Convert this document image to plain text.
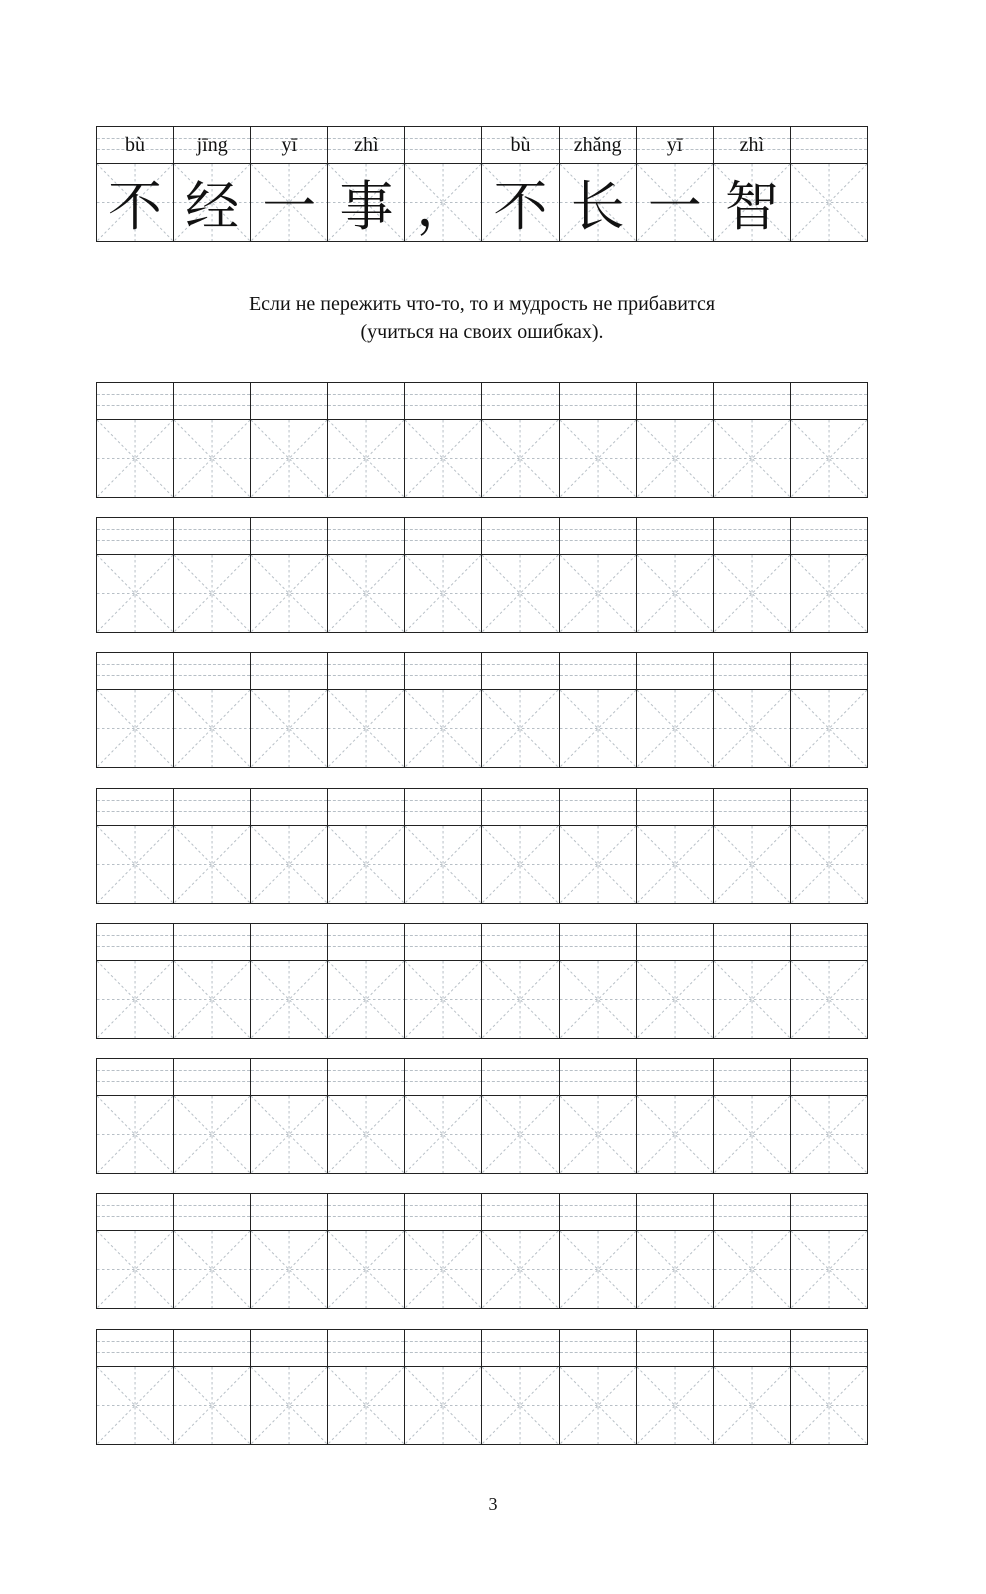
Если не пережить что-то, то и мудрость не прибавится
(учиться на своих ошибках).
3
bù
不
jīng
经
yī
一
zhì
事 ，
bù
不
zhǎng
长
yī
一
zhì
智
